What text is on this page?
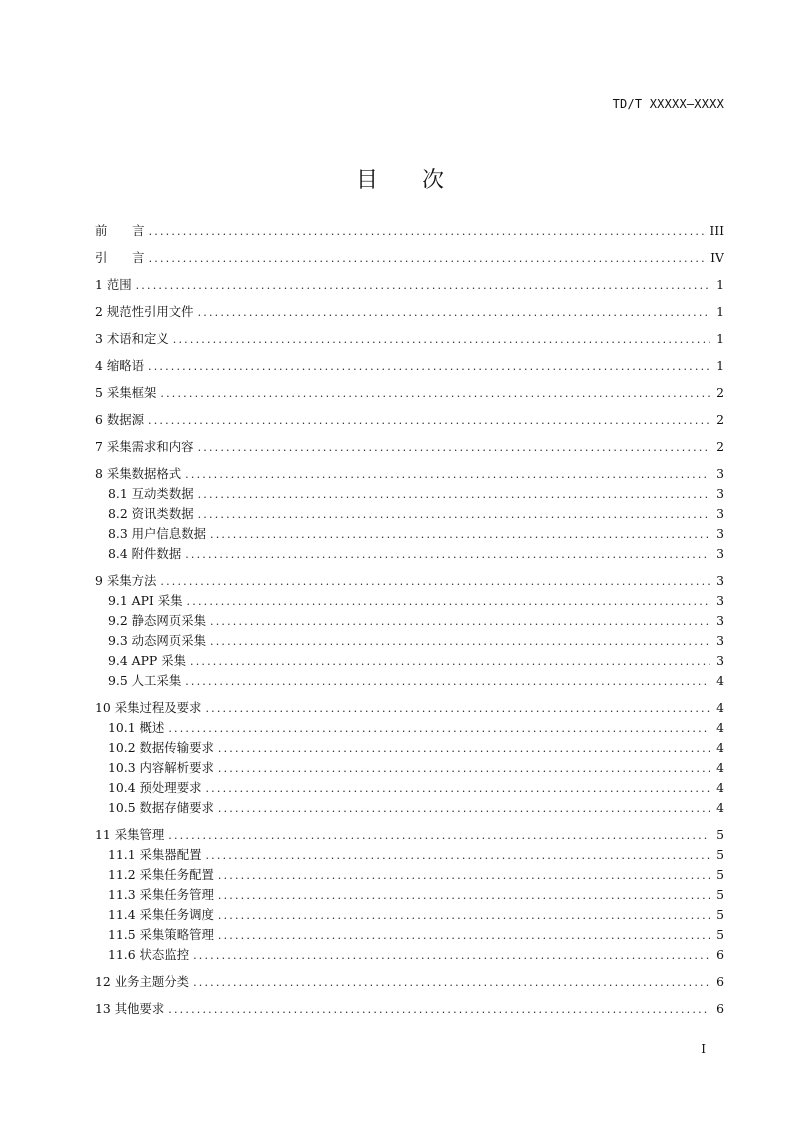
TD/T XXXXX—XXXX
目 次
前　　言 .....	III
引　　言 .....	IV
1 范围 .....	1
2 规范性引用文件 .....	1
3 术语和定义 .....	1
4 缩略语 .....	1
5 采集框架 .....	2
6 数据源 .....	2
7 采集需求和内容 .....	2
8 采集数据格式 .....	3
8.1 互动类数据 .....	3
8.2 资讯类数据 .....	3
8.3 用户信息数据 .....	3
8.4 附件数据 .....	3
9 采集方法 .....	3
9.1 API 采集 .....	3
9.2 静态网页采集 .....	3
9.3 动态网页采集 .....	3
9.4 APP 采集 .....	3
9.5 人工采集 .....	4
10 采集过程及要求 .....	4
10.1 概述 .....	4
10.2 数据传输要求 .....	4
10.3 内容解析要求 .....	4
10.4 预处理要求 .....	4
10.5 数据存储要求 .....	4
11 采集管理 .....	5
11.1 采集器配置 .....	5
11.2 采集任务配置 .....	5
11.3 采集任务管理 .....	5
11.4 采集任务调度 .....	5
11.5 采集策略管理 .....	5
11.6 状态监控 .....	6
12 业务主题分类 .....	6
13 其他要求 .....	6
I
